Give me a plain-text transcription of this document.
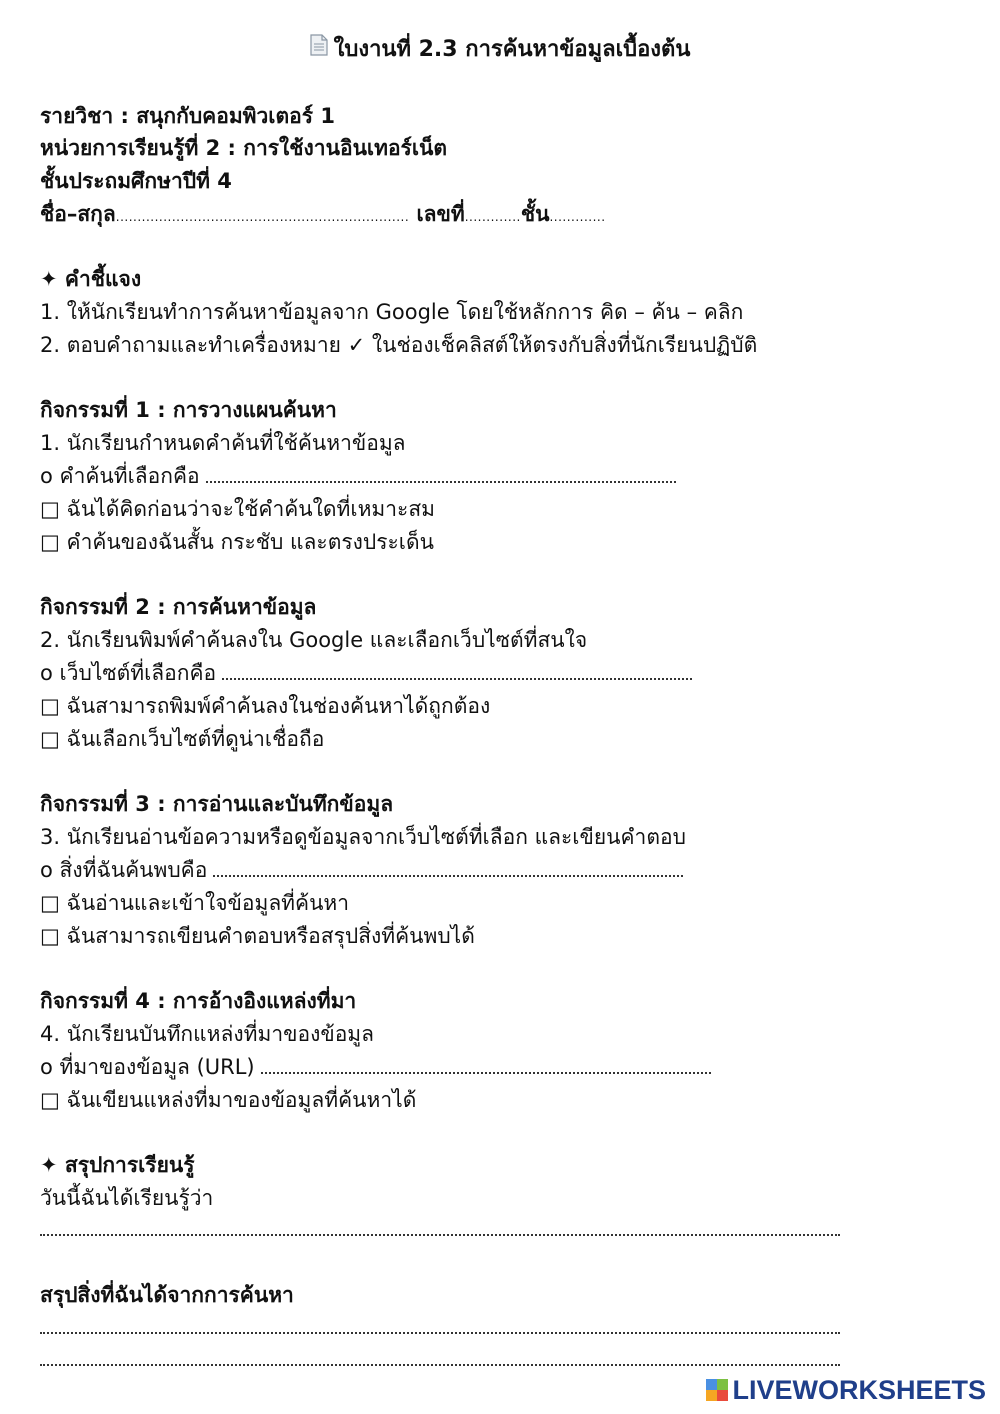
ใบงานที่ 2.3 การค้นหาข้อมูลเบื้องต้น
รายวิชา : สนุกกับคอมพิวเตอร์ 1
หน่วยการเรียนรู้ที่ 2 : การใช้งานอินเทอร์เน็ต
ชั้นประถมศึกษาปีที่ 4
ชื่อ–สกุล.................................................................... เลขที่.............ชั้น.............
✦ คำชี้แจง
1. ให้นักเรียนทำการค้นหาข้อมูลจาก Google โดยใช้หลักการ คิด – ค้น – คลิก
2. ตอบคำถามและทำเครื่องหมาย ✓ ในช่องเช็คลิสต์ให้ตรงกับสิ่งที่นักเรียนปฏิบัติ
กิจกรรมที่ 1 : การวางแผนค้นหา
1. นักเรียนกำหนดคำค้นที่ใช้ค้นหาข้อมูล
o คำค้นที่เลือกคือ
□ ฉันได้คิดก่อนว่าจะใช้คำค้นใดที่เหมาะสม
□ คำค้นของฉันสั้น กระชับ และตรงประเด็น
กิจกรรมที่ 2 : การค้นหาข้อมูล
2. นักเรียนพิมพ์คำค้นลงใน Google และเลือกเว็บไซต์ที่สนใจ
o เว็บไซต์ที่เลือกคือ
□ ฉันสามารถพิมพ์คำค้นลงในช่องค้นหาได้ถูกต้อง
□ ฉันเลือกเว็บไซต์ที่ดูน่าเชื่อถือ
กิจกรรมที่ 3 : การอ่านและบันทึกข้อมูล
3. นักเรียนอ่านข้อความหรือดูข้อมูลจากเว็บไซต์ที่เลือก และเขียนคำตอบ
o สิ่งที่ฉันค้นพบคือ
□ ฉันอ่านและเข้าใจข้อมูลที่ค้นหา
□ ฉันสามารถเขียนคำตอบหรือสรุปสิ่งที่ค้นพบได้
กิจกรรมที่ 4 : การอ้างอิงแหล่งที่มา
4. นักเรียนบันทึกแหล่งที่มาของข้อมูล
o ที่มาของข้อมูล (URL)
□ ฉันเขียนแหล่งที่มาของข้อมูลที่ค้นหาได้
✦ สรุปการเรียนรู้
วันนี้ฉันได้เรียนรู้ว่า
สรุปสิ่งที่ฉันได้จากการค้นหา
LIVEWORKSHEETS
